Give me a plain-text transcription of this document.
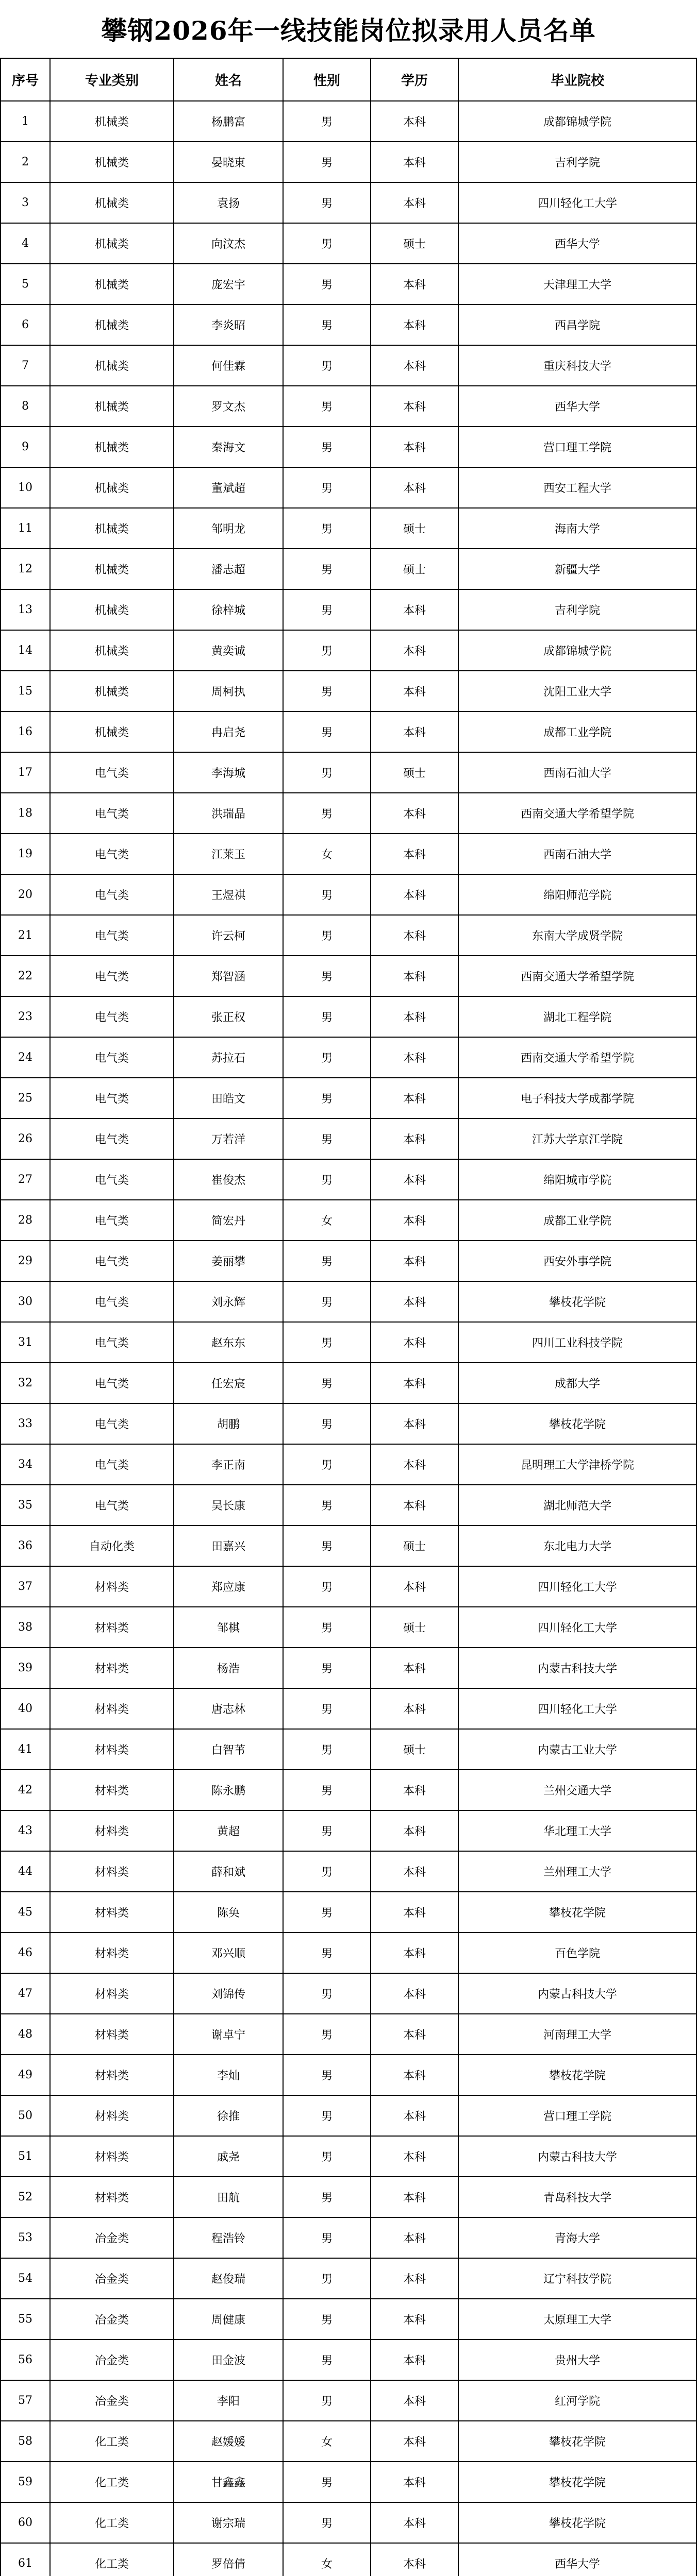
攀钢2026年一线技能岗位拟录用人员名单
序号	专业类别	姓名	性别	学历	毕业院校
1	机械类	杨鹏富	男	本科	成都锦城学院
2	机械类	晏晓東	男	本科	吉利学院
3	机械类	袁扬	男	本科	四川轻化工大学
4	机械类	向汶杰	男	硕士	西华大学
5	机械类	庞宏宇	男	本科	天津理工大学
6	机械类	李炎昭	男	本科	西昌学院
7	机械类	何佳霖	男	本科	重庆科技大学
8	机械类	罗文杰	男	本科	西华大学
9	机械类	秦海文	男	本科	营口理工学院
10	机械类	董斌超	男	本科	西安工程大学
11	机械类	邹明龙	男	硕士	海南大学
12	机械类	潘志超	男	硕士	新疆大学
13	机械类	徐梓城	男	本科	吉利学院
14	机械类	黄奕诚	男	本科	成都锦城学院
15	机械类	周柯执	男	本科	沈阳工业大学
16	机械类	冉启尧	男	本科	成都工业学院
17	电气类	李海城	男	硕士	西南石油大学
18	电气类	洪瑞晶	男	本科	西南交通大学希望学院
19	电气类	江莱玉	女	本科	西南石油大学
20	电气类	王煜祺	男	本科	绵阳师范学院
21	电气类	许云柯	男	本科	东南大学成贤学院
22	电气类	郑智涵	男	本科	西南交通大学希望学院
23	电气类	张正权	男	本科	湖北工程学院
24	电气类	苏拉石	男	本科	西南交通大学希望学院
25	电气类	田皓文	男	本科	电子科技大学成都学院
26	电气类	万若洋	男	本科	江苏大学京江学院
27	电气类	崔俊杰	男	本科	绵阳城市学院
28	电气类	简宏丹	女	本科	成都工业学院
29	电气类	姜丽攀	男	本科	西安外事学院
30	电气类	刘永辉	男	本科	攀枝花学院
31	电气类	赵东东	男	本科	四川工业科技学院
32	电气类	任宏宸	男	本科	成都大学
33	电气类	胡鹏	男	本科	攀枝花学院
34	电气类	李正南	男	本科	昆明理工大学津桥学院
35	电气类	吴长康	男	本科	湖北师范大学
36	自动化类	田嘉兴	男	硕士	东北电力大学
37	材料类	郑应康	男	本科	四川轻化工大学
38	材料类	邹棋	男	硕士	四川轻化工大学
39	材料类	杨浩	男	本科	内蒙古科技大学
40	材料类	唐志林	男	本科	四川轻化工大学
41	材料类	白智苇	男	硕士	内蒙古工业大学
42	材料类	陈永鹏	男	本科	兰州交通大学
43	材料类	黄超	男	本科	华北理工大学
44	材料类	薛和斌	男	本科	兰州理工大学
45	材料类	陈奂	男	本科	攀枝花学院
46	材料类	邓兴顺	男	本科	百色学院
47	材料类	刘锦传	男	本科	内蒙古科技大学
48	材料类	谢卓宁	男	本科	河南理工大学
49	材料类	李灿	男	本科	攀枝花学院
50	材料类	徐推	男	本科	营口理工学院
51	材料类	戚尧	男	本科	内蒙古科技大学
52	材料类	田航	男	本科	青岛科技大学
53	冶金类	程浩铃	男	本科	青海大学
54	冶金类	赵俊瑞	男	本科	辽宁科技学院
55	冶金类	周健康	男	本科	太原理工大学
56	冶金类	田金波	男	本科	贵州大学
57	冶金类	李阳	男	本科	红河学院
58	化工类	赵媛媛	女	本科	攀枝花学院
59	化工类	甘鑫鑫	男	本科	攀枝花学院
60	化工类	谢宗瑞	男	本科	攀枝花学院
61	化工类	罗倍倩	女	本科	西华大学
